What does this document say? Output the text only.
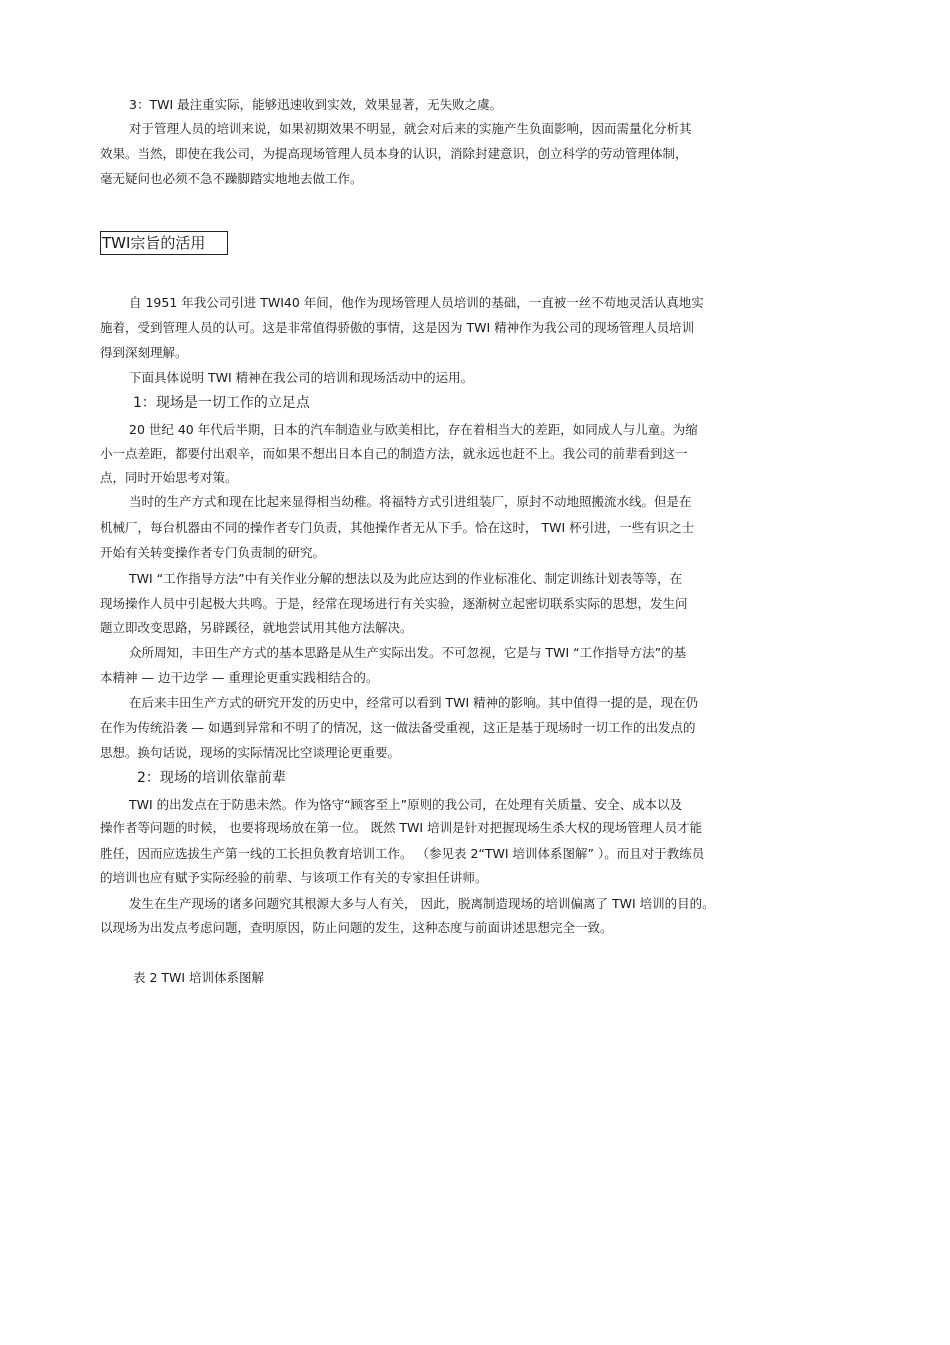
3：TWI 最注重实际，能够迅速收到实效，效果显著，无失败之虞。
对于管理人员的培训来说，如果初期效果不明显，就会对后来的实施产生负面影响，因而需量化分析其
效果。当然，即使在我公司，为提高现场管理人员本身的认识，消除封建意识，创立科学的劳动管理体制，
毫无疑问也必须不急不躁脚踏实地地去做工作。
TWI宗旨的活用
自 1951 年我公司引进 TWI40 年间，他作为现场管理人员培训的基础，一直被一丝不苟地灵活认真地实
施着，受到管理人员的认可。这是非常值得骄傲的事情，这是因为 TWI 精神作为我公司的现场管理人员培训
得到深刻理解。
下面具体说明 TWI 精神在我公司的培训和现场活动中的运用。
1：现场是一切工作的立足点
20 世纪 40 年代后半期，日本的汽车制造业与欧美相比，存在着相当大的差距，如同成人与儿童。为缩
小一点差距，都要付出艰辛，而如果不想出日本自己的制造方法，就永远也赶不上。我公司的前辈看到这一
点，同时开始思考对策。
当时的生产方式和现在比起来显得相当幼稚。将福特方式引进组装厂，原封不动地照搬流水线。但是在
机械厂，每台机器由不同的操作者专门负责，其他操作者无从下手。恰在这时， TWI 杯引进，一些有识之士
开始有关转变操作者专门负责制的研究。
TWI “工作指导方法”中有关作业分解的想法以及为此应达到的作业标准化、制定训练计划表等等，在
现场操作人员中引起极大共鸣。于是，经常在现场进行有关实验，逐渐树立起密切联系实际的思想，发生问
题立即改变思路，另辟蹊径，就地尝试用其他方法解决。
众所周知，丰田生产方式的基本思路是从生产实际出发。不可忽视，它是与 TWI “工作指导方法”的基
本精神 — 边干边学 — 重理论更重实践相结合的。
在后来丰田生产方式的研究开发的历史中，经常可以看到 TWI 精神的影响。其中值得一提的是，现在仍
在作为传统沿袭 — 如遇到异常和不明了的情况，这一做法备受重视，这正是基于现场时一切工作的出发点的
思想。换句话说，现场的实际情况比空谈理论更重要。
2：现场的培训依靠前辈
TWI 的出发点在于防患未然。作为恪守“顾客至上”原则的我公司，在处理有关质量、安全、成本以及
操作者等问题的时候， 也要将现场放在第一位。 既然 TWI 培训是针对把握现场生杀大权的现场管理人员才能
胜任，因而应选拔生产第一线的工长担负教育培训工作。 （参见表 2“TWI 培训体系图解” ）。而且对于教练员
的培训也应有赋予实际经验的前辈、与该项工作有关的专家担任讲师。
发生在生产现场的诸多问题究其根源大多与人有关， 因此，脱离制造现场的培训偏离了 TWI 培训的目的。
以现场为出发点考虑问题，查明原因，防止问题的发生，这种态度与前面讲述思想完全一致。
表 2 TWI 培训体系图解
